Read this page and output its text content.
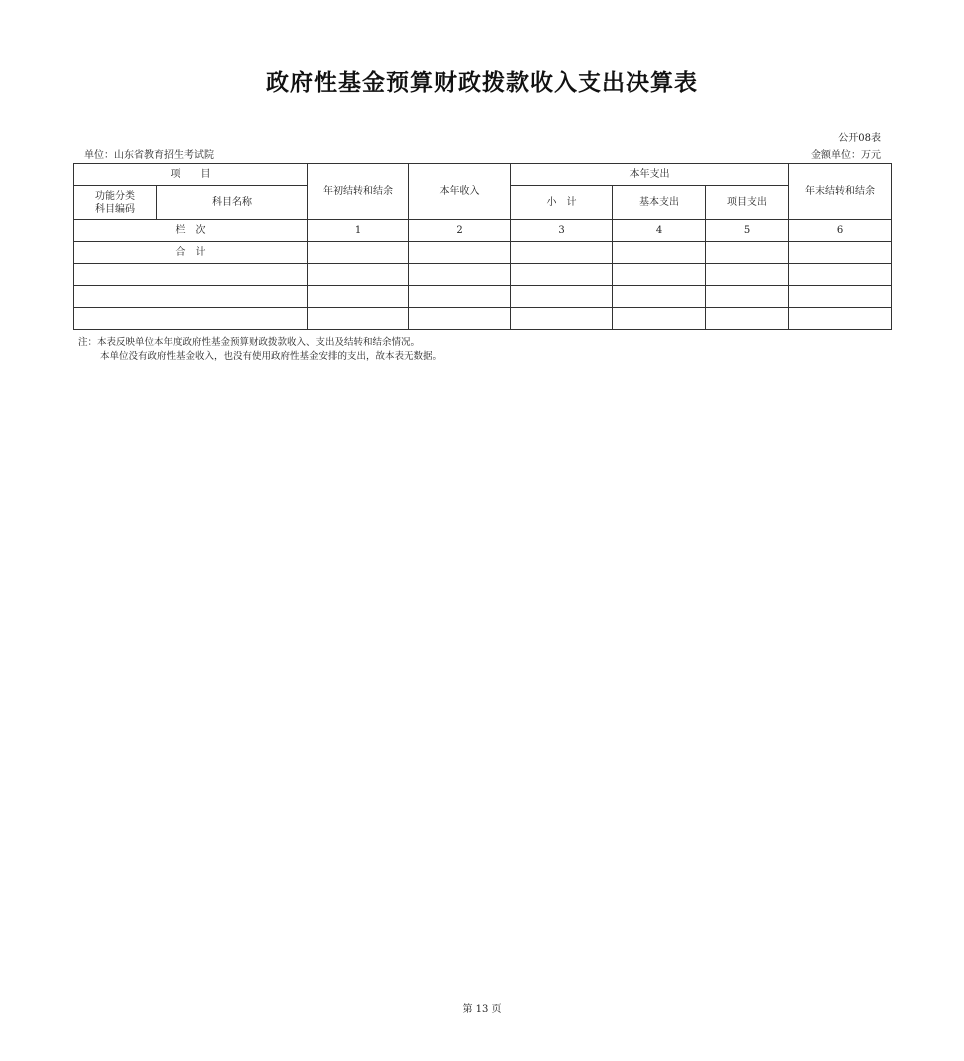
政府性基金预算财政拨款收入支出决算表
公开08表
单位：山东省教育招生考试院	金额单位：万元
项　　目		年初结转和结余	本年收入	本年支出			年末结转和结余

功能分类
科目编码	科目名称			小　计	基本支出	项目支出	
栏　次		1	2	3	4	5	6
合　计							

注：本表反映单位本年度政府性基金预算财政拨款收入、支出及结转和结余情况。
本单位没有政府性基金收入，也没有使用政府性基金安排的支出，故本表无数据。
第 13 页
